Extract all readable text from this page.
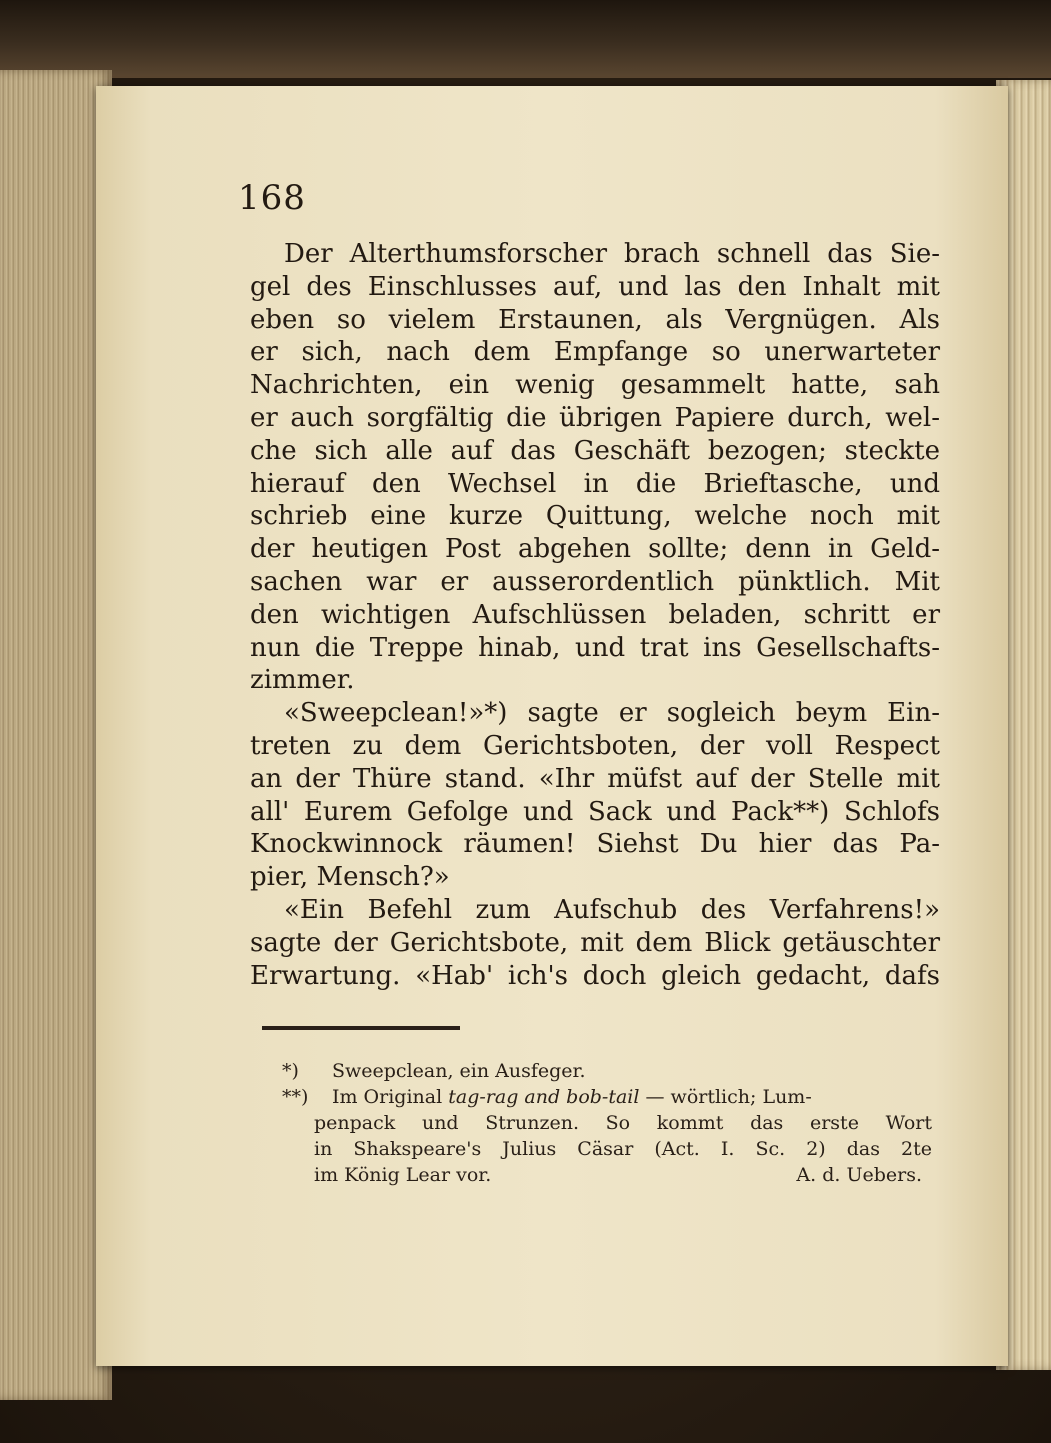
168
Der Alterthumsforscher brach schnell das Sie-
gel des Einschlusses auf, und las den Inhalt mit
eben so vielem Erstaunen, als Vergnügen. Als
er sich, nach dem Empfange so unerwarteter
Nachrichten, ein wenig gesammelt hatte, sah
er auch sorgfältig die übrigen Papiere durch, wel-
che sich alle auf das Geschäft bezogen; steckte
hierauf den Wechsel in die Brieftasche, und
schrieb eine kurze Quittung, welche noch mit
der heutigen Post abgehen sollte; denn in Geld-
sachen war er ausserordentlich pünktlich. Mit
den wichtigen Aufschlüssen beladen, schritt er
nun die Treppe hinab, und trat ins Gesellschafts-
zimmer.
«Sweepclean!»*) sagte er sogleich beym Ein-
treten zu dem Gerichtsboten, der voll Respect
an der Thüre stand. «Ihr müfst auf der Stelle mit
all' Eurem Gefolge und Sack und Pack**) Schlofs
Knockwinnock räumen! Siehst Du hier das Pa-
pier, Mensch?»
«Ein Befehl zum Aufschub des Verfahrens!»
sagte der Gerichtsbote, mit dem Blick getäuschter
Erwartung. «Hab' ich's doch gleich gedacht, dafs
*) Sweepclean, ein Ausfeger.
**) Im Original tag-rag and bob-tail — wörtlich; Lum-
penpack und Strunzen. So kommt das erste Wort
in Shakspeare's Julius Cäsar (Act. I. Sc. 2) das 2te
im König Lear vor.	A. d. Uebers.
